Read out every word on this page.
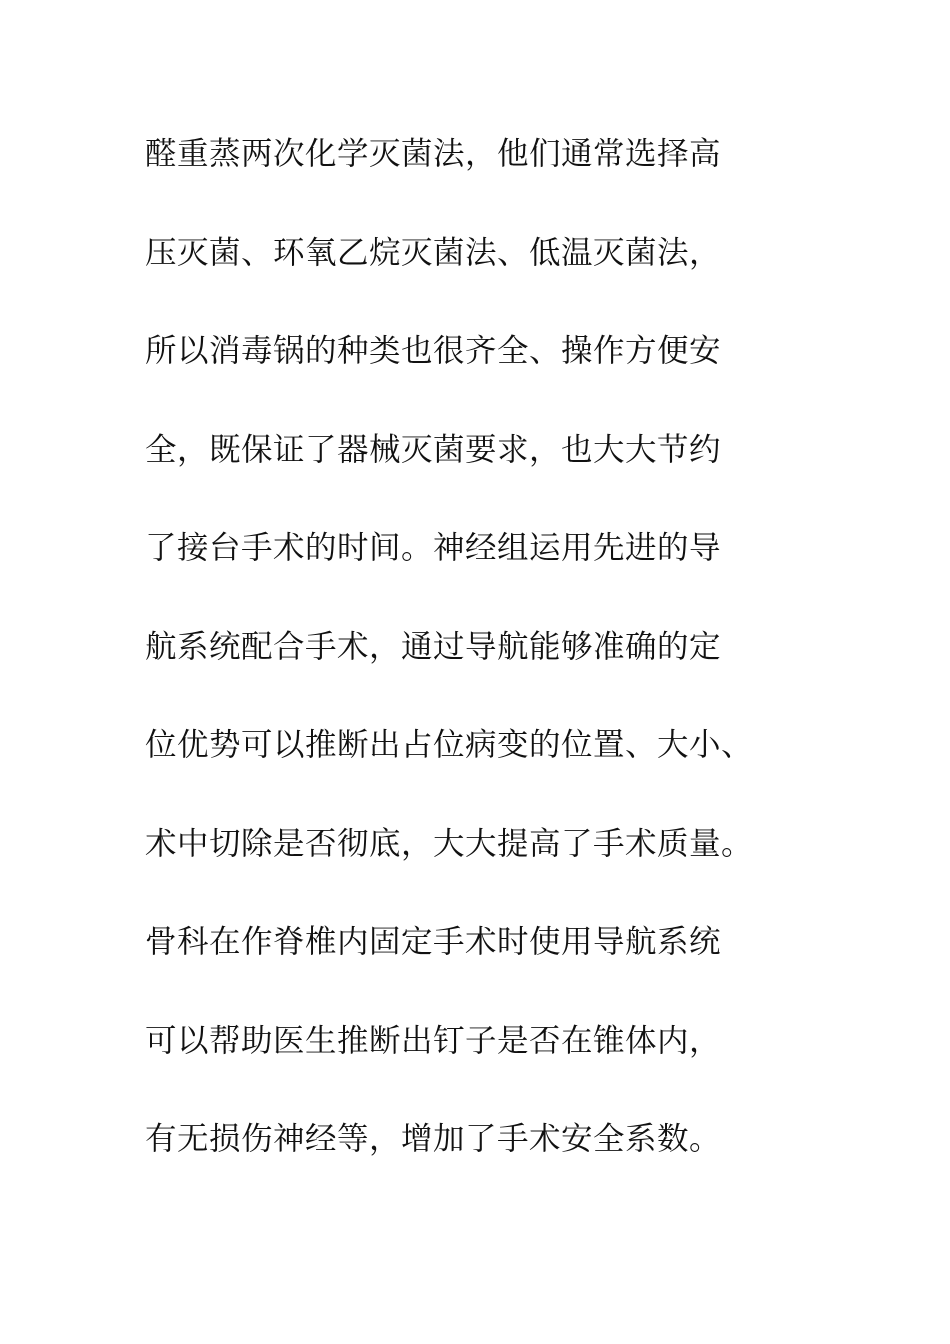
醛重蒸两次化学灭菌法，他们通常选择高
压灭菌、环氧乙烷灭菌法、低温灭菌法，
所以消毒锅的种类也很齐全、操作方便安
全，既保证了器械灭菌要求，也大大节约
了接台手术的时间。神经组运用先进的导
航系统配合手术，通过导航能够准确的定
位优势可以推断出占位病变的位置、大小、
术中切除是否彻底，大大提高了手术质量。
骨科在作脊椎内固定手术时使用导航系统
可以帮助医生推断出钉子是否在锥体内，
有无损伤神经等，增加了手术安全系数。
